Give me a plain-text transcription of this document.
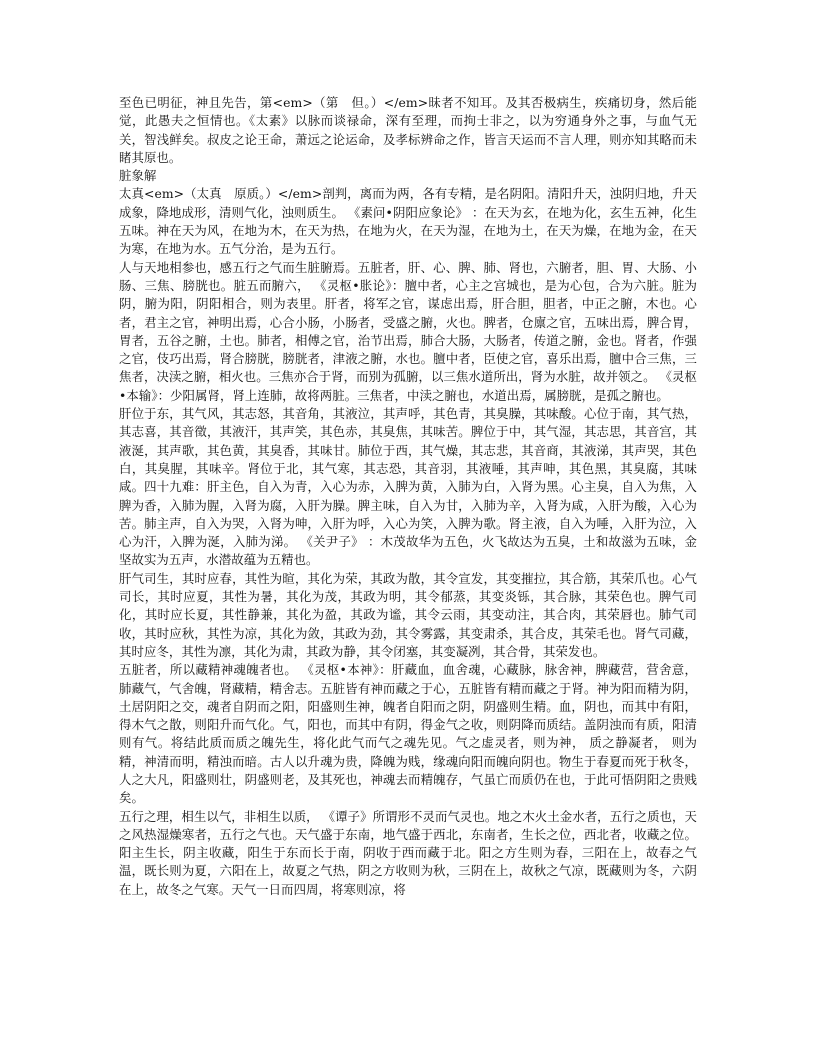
至色已明征，神且先告，第<em>（第　但。）</em>昧者不知耳。及其否极病生，疾痛切身，然后能觉，此愚夫之恒情也。《太素》以脉而谈禄命，深有至理，而拘士非之，以为穷通身外之事，与血气无关，智浅鲜矣。叔皮之论王命，萧远之论运命，及孝标辨命之作，皆言天运而不言人理，则亦知其略而未睹其原也。

脏象解

太真<em>（太真　原质。）</em>剖判，离而为两，各有专精，是名阴阳。清阳升天，浊阴归地，升天成象，降地成形，清则气化，浊则质生。 《素问•阴阳应象论》 ：在天为玄，在地为化，玄生五神，化生五味。神在天为风，在地为木，在天为热，在地为火，在天为湿，在地为土，在天为燥，在地为金，在天为寒，在地为水。五气分治，是为五行。

人与天地相参也，感五行之气而生脏腑焉。五脏者，肝、心、脾、肺、肾也，六腑者，胆、胃、大肠、小肠、三焦、膀胱也。脏五而腑六， 《灵枢•胀论》：膻中者，心主之宫城也，是为心包，合为六脏。脏为阴，腑为阳，阴阳相合，则为表里。肝者，将军之官，谋虑出焉，肝合胆，胆者，中正之腑，木也。心者，君主之官，神明出焉，心合小肠，小肠者，受盛之腑，火也。脾者，仓廪之官，五味出焉，脾合胃，胃者，五谷之腑，土也。肺者，相傅之官，治节出焉，肺合大肠，大肠者，传道之腑，金也。肾者，作强之官，伎巧出焉，肾合膀胱，膀胱者，津液之腑，水也。膻中者，臣使之官，喜乐出焉，膻中合三焦，三焦者，决渎之腑，相火也。三焦亦合于肾，而别为孤腑，以三焦水道所出，肾为水脏，故并领之。 《灵枢•本输》：少阳属肾，肾上连肺，故将两脏。三焦者，中渎之腑也，水道出焉，属膀胱，是孤之腑也。

肝位于东，其气风，其志怒，其音角，其液泣，其声呼，其色青，其臭臊，其味酸。心位于南，其气热，其志喜，其音徵，其液汗，其声笑，其色赤，其臭焦，其味苦。脾位于中，其气湿，其志思，其音宫，其液涎，其声歌，其色黄，其臭香，其味甘。肺位于西，其气燥，其志悲，其音商，其液涕，其声哭，其色白，其臭腥，其味辛。肾位于北，其气寒，其志恐，其音羽，其液唾，其声呻，其色黑，其臭腐，其味咸。四十九难：肝主色，自入为青，入心为赤，入脾为黄，入肺为白，入肾为黑。心主臭，自入为焦，入脾为香，入肺为腥，入肾为腐，入肝为臊。脾主味，自入为甘，入肺为辛，入肾为咸，入肝为酸，入心为苦。肺主声，自入为哭，入肾为呻，入肝为呼，入心为笑，入脾为歌。肾主液，自入为唾，入肝为泣，入心为汗，入脾为涎，入肺为涕。 《关尹子》 ：木茂故华为五色，火飞故达为五臭，土和故滋为五味，金坚故实为五声，水潜故蕴为五精也。

肝气司生，其时应春，其性为暄，其化为荣，其政为散，其令宣发，其变摧拉，其合筋，其荣爪也。心气司长，其时应夏，其性为暑，其化为茂，其政为明，其令郁蒸，其变炎铄，其合脉，其荣色也。脾气司化，其时应长夏，其性静兼，其化为盈，其政为谧，其令云雨，其变动注，其合肉，其荣唇也。肺气司收，其时应秋，其性为凉，其化为敛，其政为劲，其令雾露，其变肃杀，其合皮，其荣毛也。肾气司藏，其时应冬，其性为凛，其化为肃，其政为静，其令闭塞，其变凝冽，其合骨，其荣发也。

五脏者，所以藏精神魂魄者也。 《灵枢•本神》：肝藏血，血舍魂，心藏脉，脉舍神，脾藏营，营舍意，肺藏气，气舍魄，肾藏精，精舍志。五脏皆有神而藏之于心，五脏皆有精而藏之于肾。神为阳而精为阴，土居阴阳之交，魂者自阴而之阳，阳盛则生神，魄者自阳而之阴，阴盛则生精。血，阴也，而其中有阳，得木气之散，则阳升而气化。气，阳也，而其中有阴，得金气之收，则阴降而质结。盖阴浊而有质，阳清则有气。将结此质而质之魄先生，将化此气而气之魂先见。气之虚灵者，则为神， 质之静凝者， 则为精，神清而明，精浊而暗。古人以升魂为贵，降魄为贱，缘魂向阳而魄向阴也。物生于春夏而死于秋冬，人之大凡，阳盛则壮，阴盛则老，及其死也，神魂去而精魄存，气虽亡而质仍在也，于此可悟阴阳之贵贱矣。

五行之理，相生以气，非相生以质， 《谭子》所谓形不灵而气灵也。地之木火土金水者，五行之质也，天之风热湿燥寒者，五行之气也。天气盛于东南，地气盛于西北，东南者，生长之位，西北者，收藏之位。阳主生长，阴主收藏，阳生于东而长于南，阴收于西而藏于北。阳之方生则为春，三阳在上，故春之气温，既长则为夏，六阳在上，故夏之气热，阴之方收则为秋，三阴在上，故秋之气凉，既藏则为冬，六阴在上，故冬之气寒。天气一日而四周，将寒则凉，将
